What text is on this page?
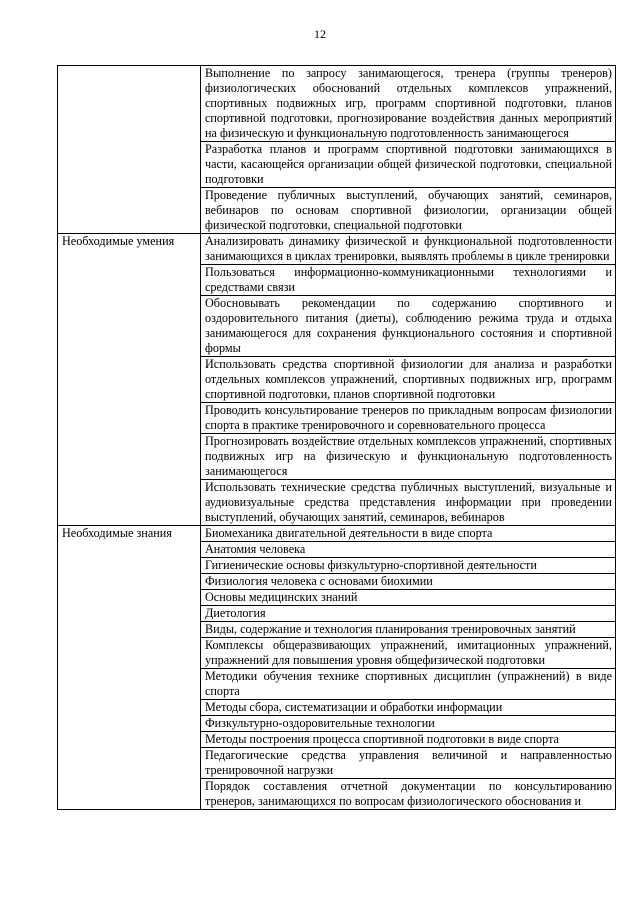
12
	Выполнение по запросу занимающегося, тренера (группы тренеров) физиологических обоснований отдельных комплексов упражнений, спортивных подвижных игр, программ спортивной подготовки, планов спортивной подготовки, прогнозирование воздействия данных мероприятий на физическую и функциональную подготовленность занимающегося
	Разработка планов и программ спортивной подготовки занимающихся в части, касающейся организации общей физической подготовки, специальной подготовки
	Проведение публичных выступлений, обучающих занятий, семинаров, вебинаров по основам спортивной физиологии, организации общей физической подготовки, специальной подготовки
Необходимые умения	Анализировать динамику физической и функциональной подготовленности занимающихся в циклах тренировки, выявлять проблемы в цикле тренировки
	Пользоваться информационно-коммуникационными технологиями и средствами связи
	Обосновывать рекомендации по содержанию спортивного и оздоровительного питания (диеты), соблюдению режима труда и отдыха занимающегося для сохранения функционального состояния и спортивной формы
	Использовать средства спортивной физиологии для анализа и разработки отдельных комплексов упражнений, спортивных подвижных игр, программ спортивной подготовки, планов спортивной подготовки
	Проводить консультирование тренеров по прикладным вопросам физиологии спорта в практике тренировочного и соревновательного процесса
	Прогнозировать воздействие отдельных комплексов упражнений, спортивных подвижных игр на физическую и функциональную подготовленность занимающегося
	Использовать технические средства публичных выступлений, визуальные и аудиовизуальные средства представления информации при проведении выступлений, обучающих занятий, семинаров, вебинаров
Необходимые знания	Биомеханика двигательной деятельности в виде спорта
	Анатомия человека
	Гигиенические основы физкультурно-спортивной деятельности
	Физиология человека с основами биохимии
	Основы медицинских знаний
	Диетология
	Виды, содержание и технология планирования тренировочных занятий
	Комплексы общеразвивающих упражнений, имитационных упражнений, упражнений для повышения уровня общефизической подготовки
	Методики обучения технике спортивных дисциплин (упражнений) в виде спорта
	Методы сбора, систематизации и обработки информации
	Физкультурно-оздоровительные технологии
	Методы построения процесса спортивной подготовки в виде спорта
	Педагогические средства управления величиной и направленностью тренировочной нагрузки

	Порядок составления отчетной документации по консультированию тренеров, занимающихся по вопросам физиологического обоснования и
